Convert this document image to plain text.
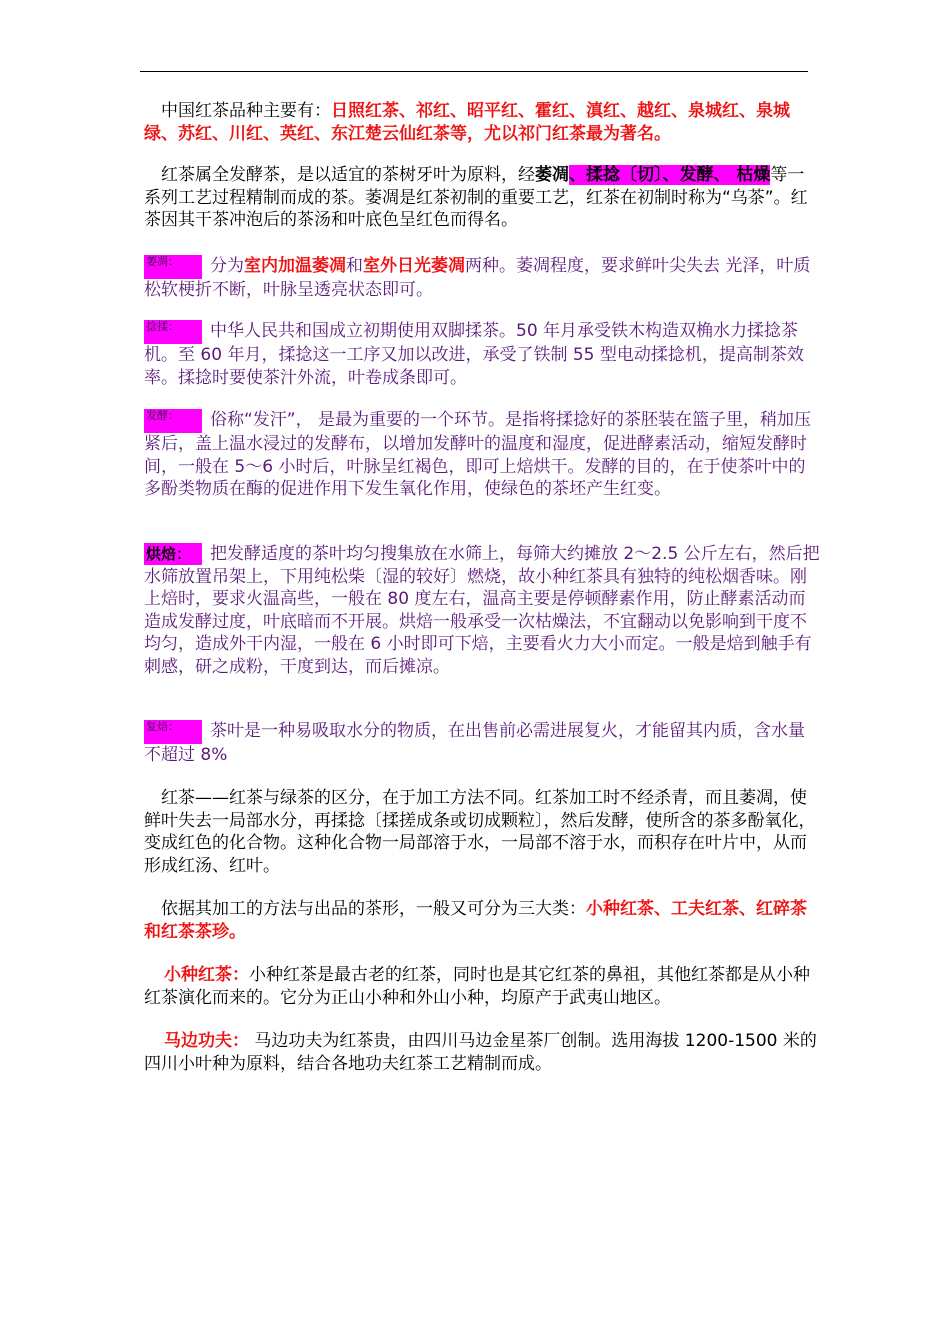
　中国红茶品种主要有：日照红茶、祁红、昭平红、霍红、滇红、越红、泉城红、泉城绿、苏红、川红、英红、东江楚云仙红茶等，尤以祁门红茶最为著名。
　红茶属全发酵茶，是以适宜的茶树牙叶为原料，经萎凋、揉捻〔切〕、发酵、 枯燥等一系列工艺过程精制而成的茶。萎凋是红茶初制的重要工艺，红茶在初制时称为“乌茶”。红茶因其干茶冲泡后的茶汤和叶底色呈红色而得名。
萎凋： 分为室内加温萎凋和室外日光萎凋两种。萎凋程度，要求鲜叶尖失去 光泽，叶质松软梗折不断，叶脉呈透亮状态即可。
捻揉： 中华人民共和国成立初期使用双脚揉茶。50 年月承受铁木构造双桷水力揉捻茶机。至 60 年月，揉捻这一工序又加以改进，承受了铁制 55 型电动揉捻机，提高制茶效率。揉捻时要使茶汁外流，叶卷成条即可。
发酵： 俗称“发汗”， 是最为重要的一个环节。是指将揉捻好的茶胚装在篮子里，稍加压紧后，盖上温水浸过的发酵布，以增加发酵叶的温度和湿度，促进酵素活动，缩短发酵时间，一般在 5～6 小时后，叶脉呈红褐色，即可上焙烘干。发酵的目的，在于使茶叶中的多酚类物质在酶的促进作用下发生氧化作用，使绿色的茶坯产生红变。
烘焙： 把发酵适度的茶叶均匀搜集放在水筛上，每筛大约摊放 2～2.5 公斤左右，然后把水筛放置吊架上，下用纯松柴〔湿的较好〕燃烧，故小种红茶具有独特的纯松烟香味。刚上焙时，要求火温高些，一般在 80 度左右，温高主要是停顿酵素作用，防止酵素活动而造成发酵过度，叶底暗而不开展。烘焙一般承受一次枯燥法，不宜翻动以免影响到干度不均匀，造成外干内湿，一般在 6 小时即可下焙，主要看火力大小而定。一般是焙到触手有刺感，研之成粉，干度到达，而后摊凉。
复焙： 茶叶是一种易吸取水分的物质，在出售前必需进展复火，才能留其内质，含水量不超过 8%
　红茶——红茶与绿茶的区分，在于加工方法不同。红茶加工时不经杀青，而且萎凋，使鲜叶失去一局部水分，再揉捻〔揉搓成条或切成颗粒〕，然后发酵，使所含的茶多酚氧化，变成红色的化合物。这种化合物一局部溶于水，一局部不溶于水，而积存在叶片中，从而形成红汤、红叶。
　依据其加工的方法与出品的茶形，一般又可分为三大类：小种红茶、工夫红茶、红碎茶和红茶茶珍。
小种红茶：小种红茶是最古老的红茶，同时也是其它红茶的鼻祖，其他红茶都是从小种红茶演化而来的。它分为正山小种和外山小种，均原产于武夷山地区。
马边功夫： 马边功夫为红茶贵，由四川马边金星茶厂创制。选用海拔 1200-1500 米的四川小叶种为原料，结合各地功夫红茶工艺精制而成。
